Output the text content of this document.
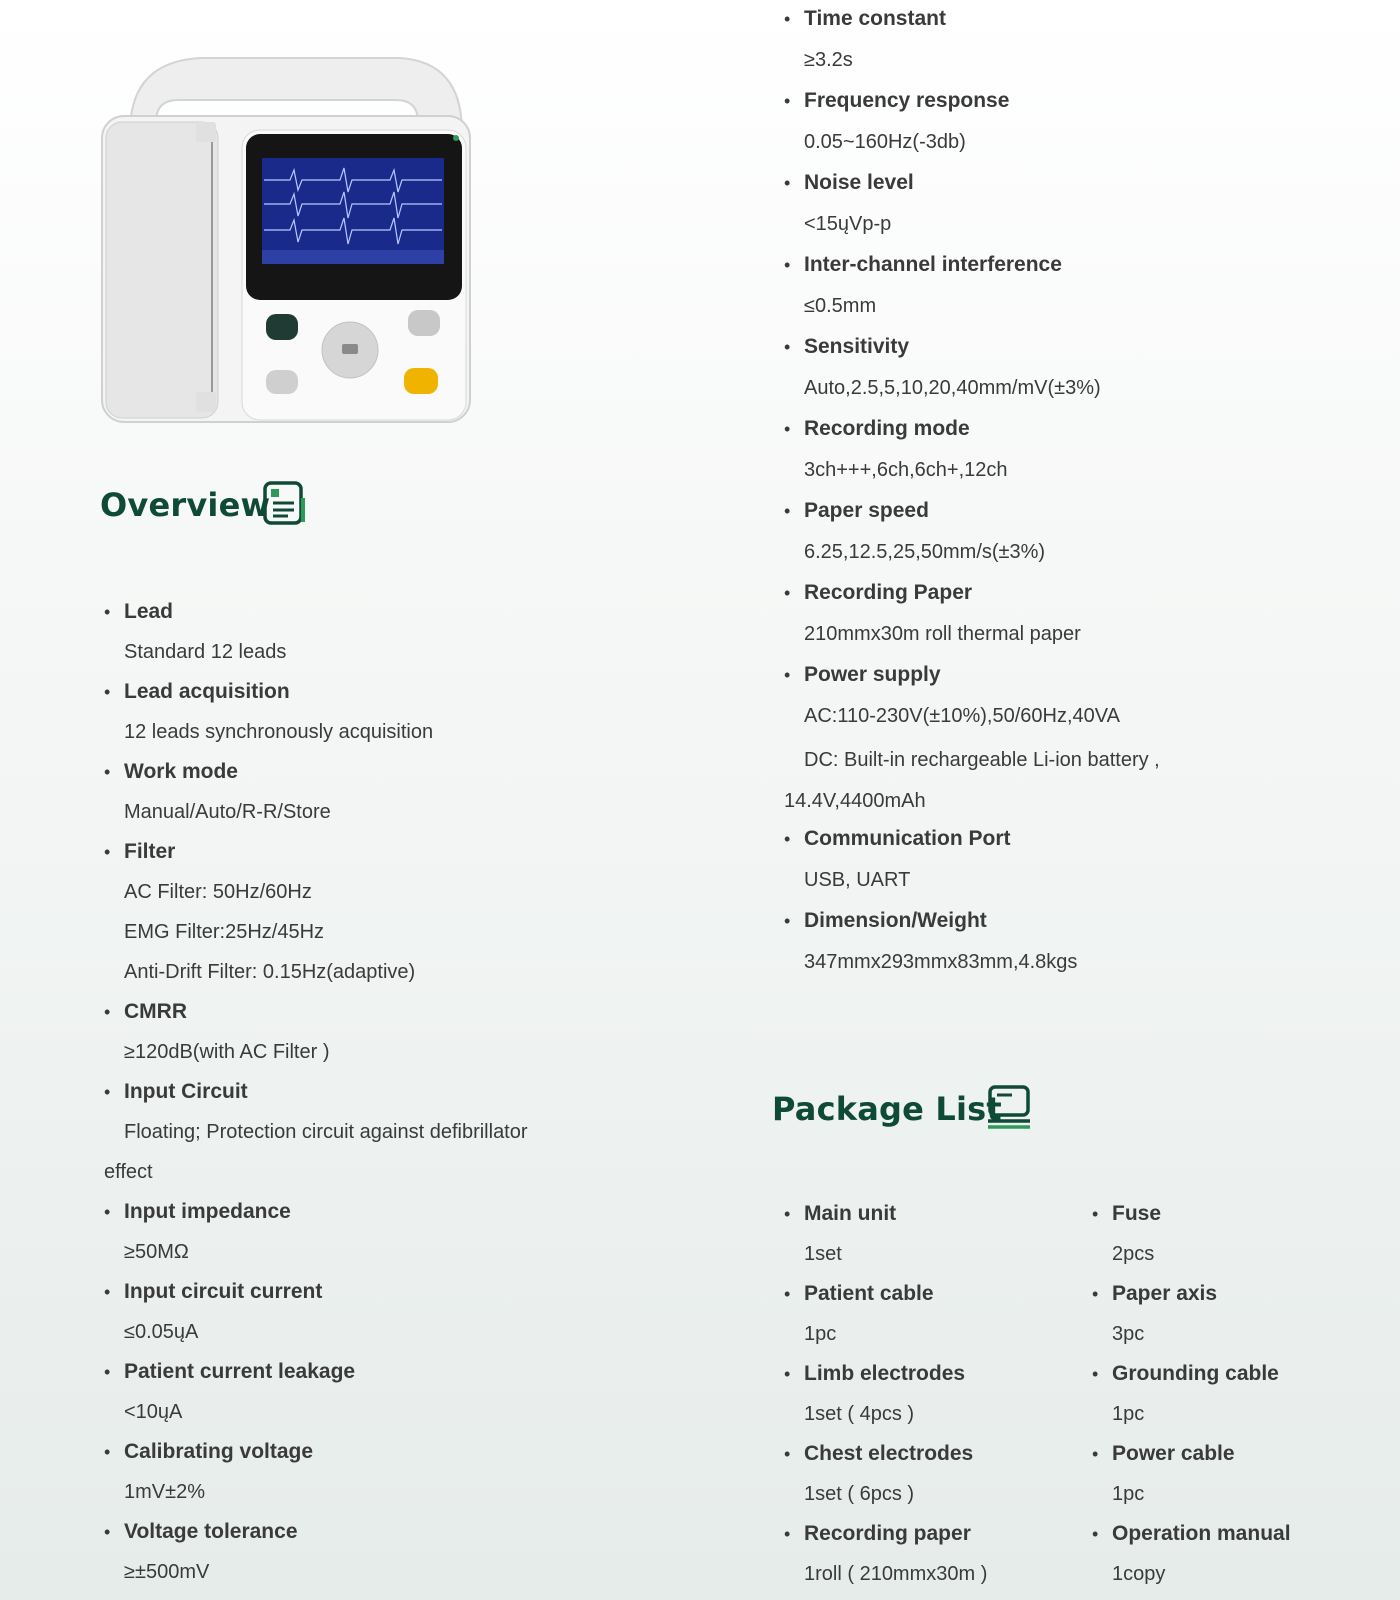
Overview
• Lead
Standard 12 leads
• Lead acquisition
12 leads synchronously acquisition
• Work mode
Manual/Auto/R-R/Store
• Filter
AC Filter: 50Hz/60Hz
EMG Filter:25Hz/45Hz
Anti-Drift Filter: 0.15Hz(adaptive)
• CMRR
≥120dB(with AC Filter )
• Input Circuit
Floating; Protection circuit against defibrillator
effect
• Input impedance
≥50MΩ
• Input circuit current
≤0.05ųA
• Patient current leakage
<10ųA
• Calibrating voltage
1mV±2%
• Voltage tolerance
≥±500mV
• Time constant
≥3.2s
• Frequency response
0.05~160Hz(-3db)
• Noise level
<15ųVp-p
• Inter-channel interference
≤0.5mm
• Sensitivity
Auto,2.5,5,10,20,40mm/mV(±3%)
• Recording mode
3ch+++,6ch,6ch+,12ch
• Paper speed
6.25,12.5,25,50mm/s(±3%)
• Recording Paper
210mmx30m roll thermal paper
• Power supply
AC:110-230V(±10%),50/60Hz,40VA
DC: Built-in rechargeable Li-ion battery ,
14.4V,4400mAh
• Communication Port
USB, UART
• Dimension/Weight
347mmx293mmx83mm,4.8kgs
Package List
• Main unit
1set
• Patient cable
1pc
• Limb electrodes
1set ( 4pcs )
• Chest electrodes
1set ( 6pcs )
• Recording paper
1roll ( 210mmx30m )
• Fuse
2pcs
• Paper axis
3pc
• Grounding cable
1pc
• Power cable
1pc
• Operation manual
1copy
